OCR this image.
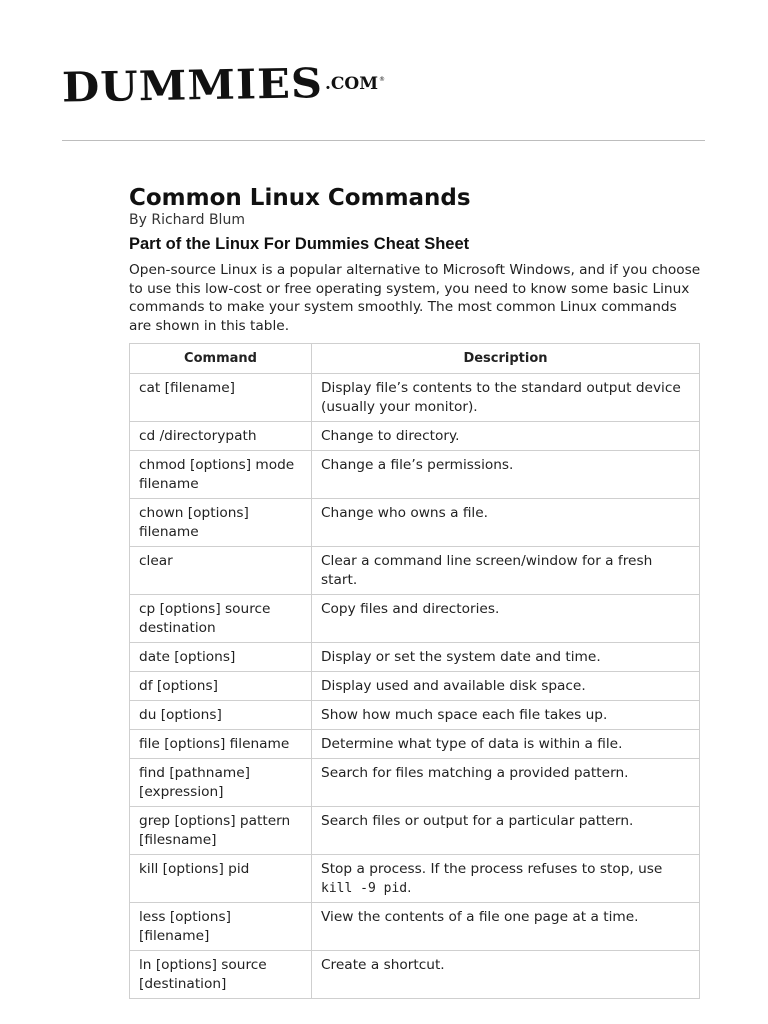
DUMMIES .COM ®
Common Linux Commands

By Richard Blum

Part of the Linux For Dummies Cheat Sheet

Open-source Linux is a popular alternative to Microsoft Windows, and if you choose to use this low-cost or free operating system, you need to know some basic Linux commands to make your system smoothly. The most common Linux commands are shown in this table.

Command	Description
cat [filename]	Display file’s contents to the standard output device (usually your monitor).
cd /directorypath	Change to directory.
chmod [options] mode filename	Change a file’s permissions.
chown [options] filename	Change who owns a file.
clear	Clear a command line screen/window for a fresh start.
cp [options] source destination	Copy files and directories.
date [options]	Display or set the system date and time.
df [options]	Display used and available disk space.
du [options]	Show how much space each file takes up.
file [options] filename	Determine what type of data is within a file.
find [pathname] [expression]	Search for files matching a provided pattern.
grep [options] pattern [filesname]	Search files or output for a particular pattern.
kill [options] pid	Stop a process. If the process refuses to stop, use kill -9 pid.
less [options] [filename]	View the contents of a file one page at a time.
ln [options] source [destination]	Create a shortcut.
